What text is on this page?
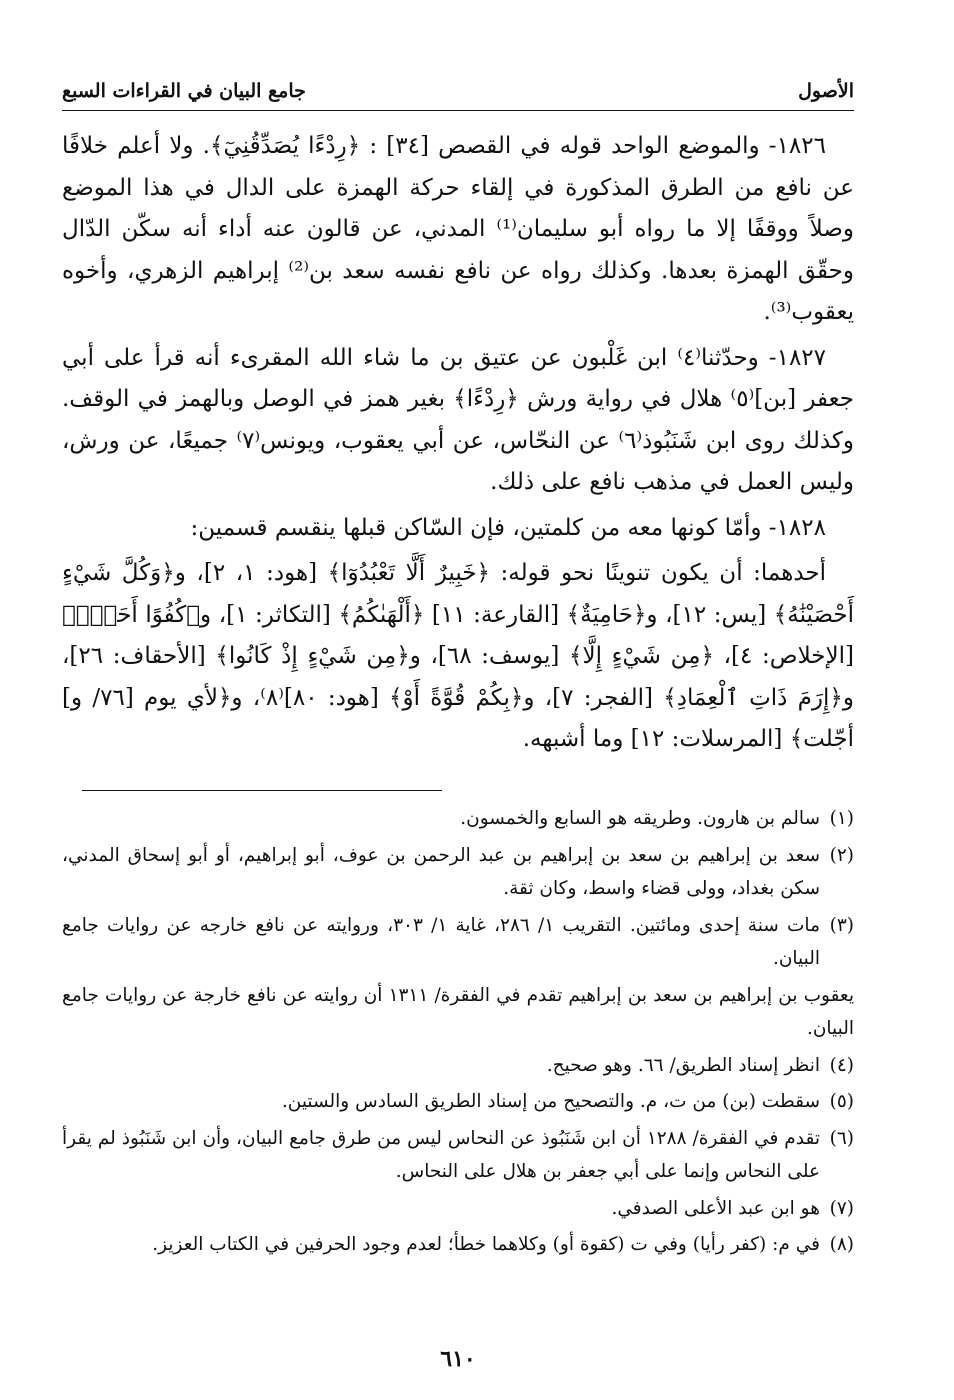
الأصول
جامع البيان في القراءات السبع

١٨٢٦- والموضع الواحد قوله في القصص [٣٤] : ﴿رِدْءًا يُصَدِّقُنِيٓ﴾. ولا أعلم خلافًا عن نافع من الطرق المذكورة في إلقاء حركة الهمزة على الدال في هذا الموضع وصلاً ووقفًا إلا ما رواه أبو سليمان⁽¹⁾ المدني، عن قالون عنه أداء أنه سكّن الدّال وحقّق الهمزة بعدها. وكذلك رواه عن نافع نفسه سعد بن⁽²⁾ إبراهيم الزهري، وأخوه يعقوب⁽³⁾.

١٨٢٧- وحدّثنا⁽٤⁾ ابن غَلْبون عن عتيق بن ما شاء الله المقرىء أنه قرأ على أبي جعفر [بن]⁽٥⁾ هلال في رواية ورش ﴿رِدْءًا﴾ بغير همز في الوصل وبالهمز في الوقف. وكذلك روى ابن شَنَبُوذ⁽٦⁾ عن النحّاس، عن أبي يعقوب، ويونس⁽٧⁾ جميعًا، عن ورش، وليس العمل في مذهب نافع على ذلك.

١٨٢٨- وأمّا كونها معه من كلمتين، فإن السّاكن قبلها ينقسم قسمين:

أحدهما: أن يكون تنوينًا نحو قوله: ﴿خَبِيرٌ أَلَّا تَعْبُدُوٓا﴾ [هود: ١، ٢]، و﴿وَكُلَّ شَيْءٍ أَحْصَيْنَٰهُ﴾ [يس: ١٢]، و﴿حَامِيَةٌ﴾ [القارعة: ١١] ﴿أَلْهَىٰكُمُ﴾ [التكاثر: ١]، و﴿كُفُوًا أَحَدٌۢ﴾ [الإخلاص: ٤]، ﴿مِن شَيْءٍ إِلَّا﴾ [يوسف: ٦٨]، و﴿مِن شَيْءٍ إِذْ كَانُوا﴾ [الأحقاف: ٢٦]، و﴿إِرَمَ ذَاتِ ٱلْعِمَادِ﴾ [الفجر: ٧]، و﴿بِكُمْ قُوَّةً أَوْ﴾ [هود: ٨٠]⁽٨⁾، و﴿لأي يوم [٧٦/ و] أجّلت﴾ [المرسلات: ١٢] وما أشبهه.

(١)
سالم بن هارون. وطريقه هو السابع والخمسون.
(٢)
سعد بن إبراهيم بن سعد بن إبراهيم بن عبد الرحمن بن عوف، أبو إبراهيم، أو أبو إسحاق المدني، سكن بغداد، وولى قضاء واسط، وكان ثقة.
(٣)
مات سنة إحدى ومائتين. التقريب ١/ ٢٨٦، غاية ١/ ٣٠٣، وروايته عن نافع خارجه عن روايات جامع البيان.
يعقوب بن إبراهيم بن سعد بن إبراهيم تقدم في الفقرة/ ١٣١١ أن روايته عن نافع خارجة عن روايات جامع البيان.
(٤)
انظر إسناد الطريق/ ٦٦. وهو صحيح.
(٥)
سقطت (بن) من ت، م. والتصحيح من إسناد الطريق السادس والستين.
(٦)
تقدم في الفقرة/ ١٢٨٨ أن ابن شَنَبُوذ عن النحاس ليس من طرق جامع البيان، وأن ابن شَنَبُوذ لم يقرأ على النحاس وإنما على أبي جعفر بن هلال على النحاس.
(٧)
هو ابن عبد الأعلى الصدفي.
(٨)
في م: (كفر رأيا) وفي ت (كقوة أو) وكلاهما خطأ؛ لعدم وجود الحرفين في الكتاب العزيز.
٦١٠
